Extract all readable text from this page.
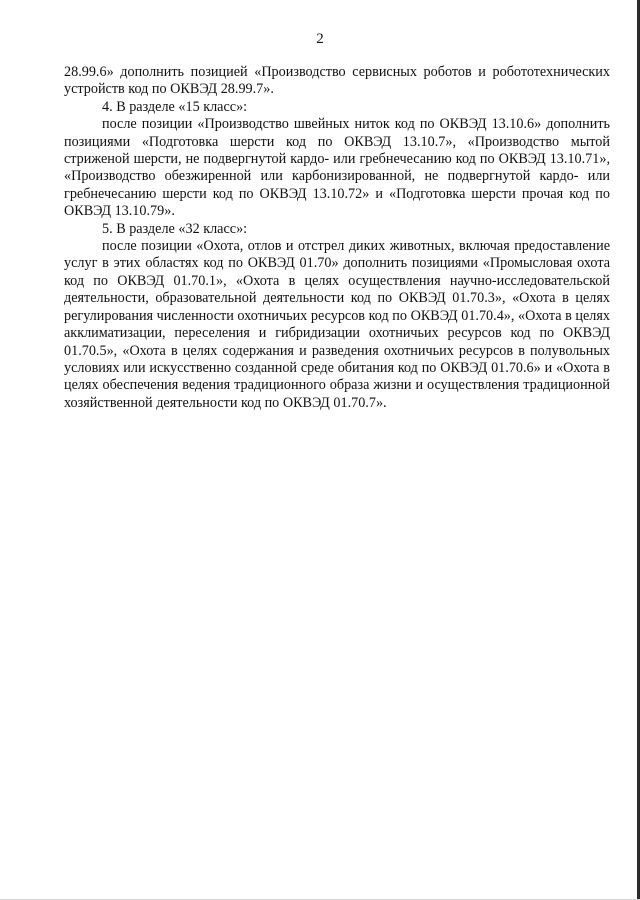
2

28.99.6» дополнить позицией «Производство сервисных роботов и робототехнических устройств код по ОКВЭД 28.99.7».

4. В разделе «15 класс»:

после позиции «Производство швейных ниток код по ОКВЭД 13.10.6» дополнить позициями «Подготовка шерсти код по ОКВЭД 13.10.7», «Производство мытой стриженой шерсти, не подвергнутой кардо- или гребнечесанию код по ОКВЭД 13.10.71», «Производство обезжиренной или карбонизированной, не подвергнутой кардо- или гребнечесанию шерсти код по ОКВЭД 13.10.72» и «Подготовка шерсти прочая код по ОКВЭД 13.10.79».

5. В разделе «32 класс»:

после позиции «Охота, отлов и отстрел диких животных, включая предоставление услуг в этих областях код по ОКВЭД 01.70» дополнить позициями «Промысловая охота код по ОКВЭД 01.70.1», «Охота в целях осуществления научно-исследовательской деятельности, образовательной деятельности код по ОКВЭД 01.70.3», «Охота в целях регулирования численности охотничьих ресурсов код по ОКВЭД 01.70.4», «Охота в целях акклиматизации, переселения и гибридизации охотничьих ресурсов код по ОКВЭД 01.70.5», «Охота в целях содержания и разведения охотничьих ресурсов в полувольных условиях или искусственно созданной среде обитания код по ОКВЭД 01.70.6» и «Охота в целях обеспечения ведения традиционного образа жизни и осуществления традиционной хозяйственной деятельности код по ОКВЭД 01.70.7».
